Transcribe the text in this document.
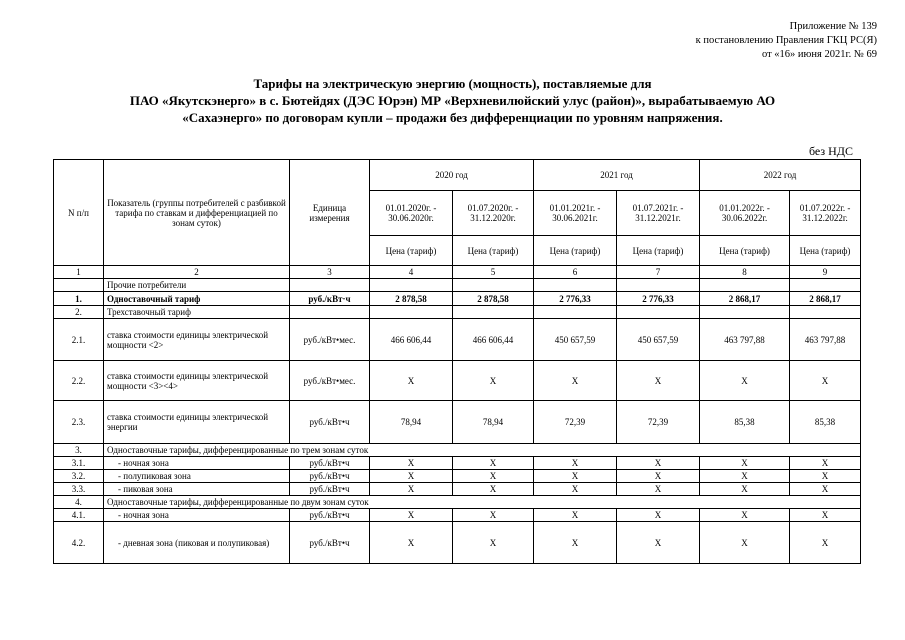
Приложение № 139
к постановлению Правления ГКЦ РС(Я)
от «16» июня 2021г. № 69
Тарифы на электрическую энергию (мощность), поставляемые для
ПАО «Якутскэнерго» в с. Бютейдях (ДЭС Юрэн) МР «Верхневилюйский улус (район)», вырабатываемую АО
«Сахаэнерго» по договорам купли – продажи без дифференциации по уровням напряжения.
без НДС
N п/п	Показатель (группы потребителей с разбивкой тарифа по ставкам и дифференциацией по зонам суток)	Единица измерения	2020 год		2021 год		2022 год	
			01.01.2020г. - 30.06.2020г.	01.07.2020г. - 31.12.2020г.	01.01.2021г. - 30.06.2021г.	01.07.2021г. - 31.12.2021г.	01.01.2022г. - 30.06.2022г.	01.07.2022г. - 31.12.2022г.
			Цена (тариф)	Цена (тариф)	Цена (тариф)	Цена (тариф)	Цена (тариф)	Цена (тариф)
1	2	3	4	5	6	7	8	9
	Прочие потребители							
1.	Одноставочный тариф	руб./кВт·ч	2 878,58	2 878,58	2 776,33	2 776,33	2 868,17	2 868,17
2.	Трехставочный тариф							
2.1.	ставка стоимости единицы электрической мощности <2>	руб./кВт•мес.	466 606,44	466 606,44	450 657,59	450 657,59	463 797,88	463 797,88
2.2.	ставка стоимости единицы электрической мощности <3><4>	руб./кВт•мес.	X	X	X	X	X	X
2.3.	ставка стоимости единицы электрической энергии	руб./кВт•ч	78,94	78,94	72,39	72,39	85,38	85,38
3.	Одноставочные тарифы, дифференцированные по трем зонам суток							
3.1.	- ночная зона	руб./кВт•ч	X	X	X	X	X	X
3.2.	- полупиковая зона	руб./кВт•ч	X	X	X	X	X	X
3.3.	- пиковая зона	руб./кВт•ч	X	X	X	X	X	X
4.	Одноставочные тарифы, дифференцированные по двум зонам суток							
4.1.	- ночная зона	руб./кВт•ч	X	X	X	X	X	X
4.2.	- дневная зона (пиковая и полупиковая)	руб./кВт•ч	X	X	X	X	X	X
